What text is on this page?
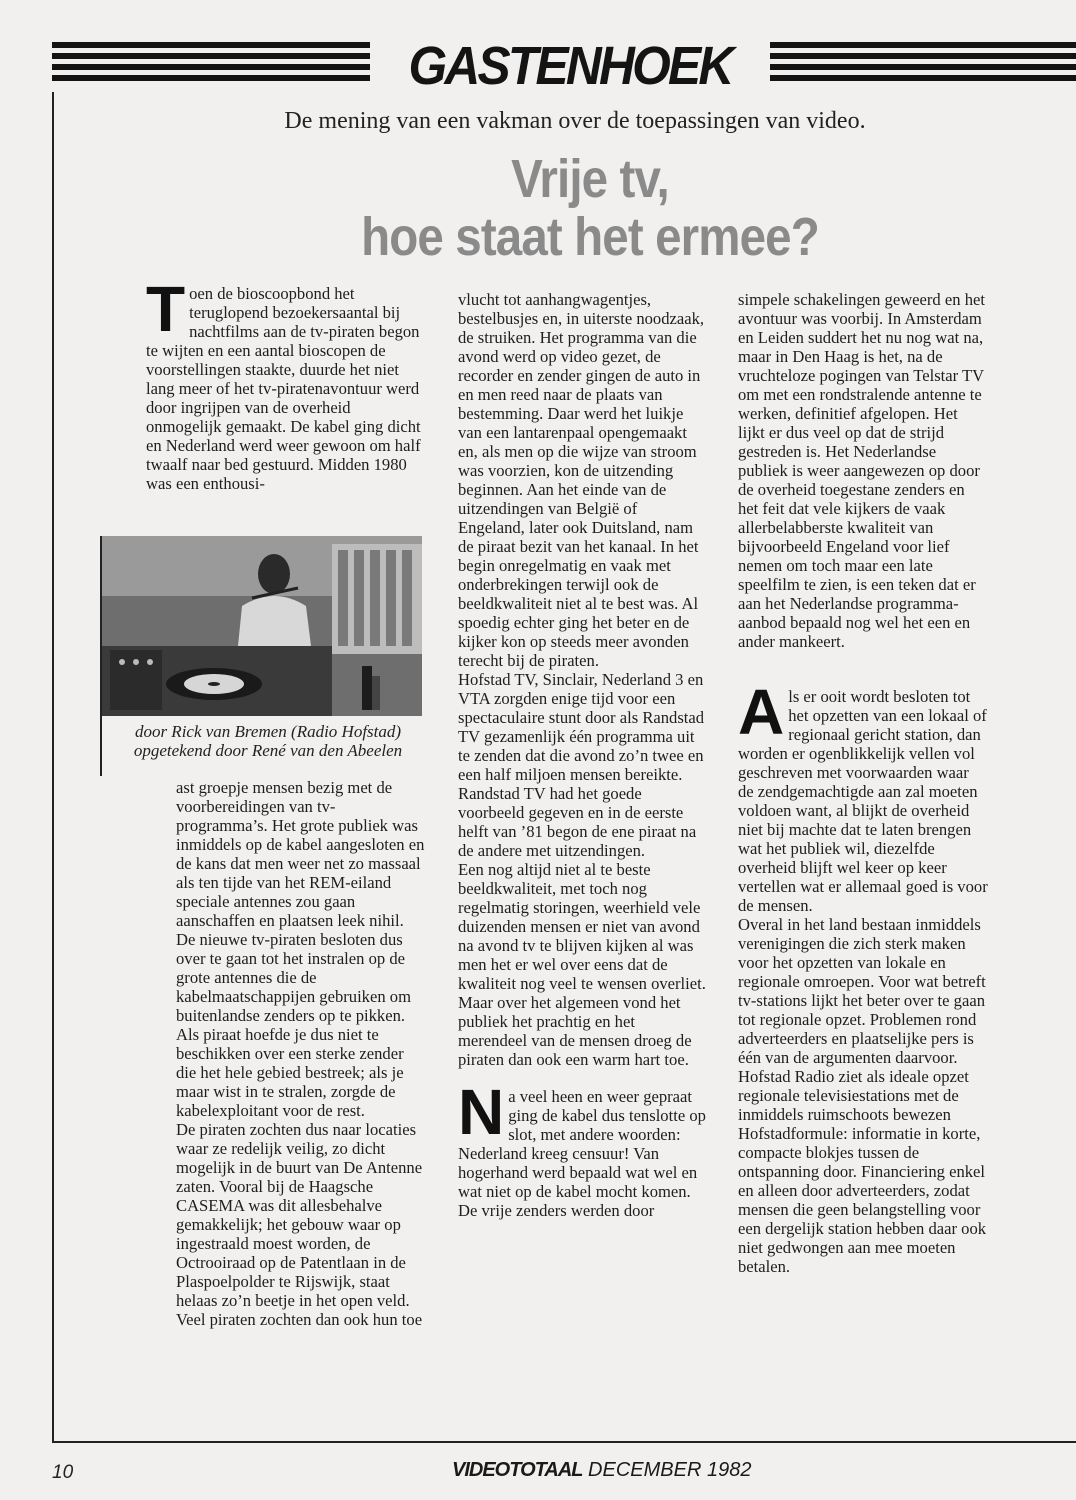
GASTENHOEK
De mening van een vakman over de toepassingen van video.
Vrije tv,
hoe staat het ermee?
T oen de bioscoopbond het teruglopend bezoekersaantal bij nachtfilms aan de tv-piraten begon te wijten en een aantal bioscopen de voorstellingen staakte, duurde het niet lang meer of het tv-piratenavontuur werd door ingrijpen van de overheid onmogelijk gemaakt. De kabel ging dicht en Nederland werd weer gewoon om half twaalf naar bed gestuurd. Midden 1980 was een enthousi-

door Rick van Bremen (Radio Hofstad)
opgetekend door René van den Abeelen

ast groepje mensen bezig met de voorbereidingen van tv-programma’s. Het grote publiek was inmiddels op de kabel aangesloten en de kans dat men weer net zo massaal als ten tijde van het REM-eiland speciale antennes zou gaan aanschaffen en plaatsen leek nihil.

De nieuwe tv-piraten besloten dus over te gaan tot het instralen op de grote antennes die de kabelmaatschappijen gebruiken om buitenlandse zenders op te pikken.

Als piraat hoefde je dus niet te beschikken over een sterke zender die het hele gebied bestreek; als je maar wist in te stralen, zorgde de kabelexploitant voor de rest.

De piraten zochten dus naar locaties waar ze redelijk veilig, zo dicht mogelijk in de buurt van De Antenne zaten. Vooral bij de Haagsche CASEMA was dit allesbehalve gemakkelijk; het gebouw waar op ingestraald moest worden, de Octrooiraad op de Patentlaan in de Plaspoelpolder te Rijswijk, staat helaas zo’n beetje in het open veld. Veel piraten zochten dan ook hun toe

vlucht tot aanhangwagentjes, bestelbusjes en, in uiterste noodzaak, de struiken. Het programma van die avond werd op video gezet, de recorder en zender gingen de auto in en men reed naar de plaats van bestemming. Daar werd het luikje van een lantarenpaal opengemaakt en, als men op die wijze van stroom was voorzien, kon de uitzending beginnen. Aan het einde van de uitzendingen van België of Engeland, later ook Duitsland, nam de piraat bezit van het kanaal. In het begin onregelmatig en vaak met onderbrekingen terwijl ook de beeldkwaliteit niet al te best was. Al spoedig echter ging het beter en de kijker kon op steeds meer avonden terecht bij de piraten.

Hofstad TV, Sinclair, Nederland 3 en VTA zorgden enige tijd voor een spectaculaire stunt door als Randstad TV gezamenlijk één programma uit te zenden dat die avond zo’n twee en een half miljoen mensen bereikte.

Randstad TV had het goede voorbeeld gegeven en in de eerste helft van ’81 begon de ene piraat na de andere met uitzendingen.

Een nog altijd niet al te beste beeldkwaliteit, met toch nog regelmatig storingen, weerhield vele duizenden mensen er niet van avond na avond tv te blijven kijken al was men het er wel over eens dat de kwaliteit nog veel te wensen overliet. Maar over het algemeen vond het publiek het prachtig en het merendeel van de mensen droeg de piraten dan ook een warm hart toe.

N a veel heen en weer gepraat ging de kabel dus tenslotte op slot, met andere woorden: Nederland kreeg censuur! Van hogerhand werd bepaald wat wel en wat niet op de kabel mocht komen. De vrije zenders werden door

simpele schakelingen geweerd en het avontuur was voorbij. In Amsterdam en Leiden suddert het nu nog wat na, maar in Den Haag is het, na de vruchteloze pogingen van Telstar TV om met een rondstralende antenne te werken, definitief afgelopen. Het lijkt er dus veel op dat de strijd gestreden is. Het Nederlandse publiek is weer aangewezen op door de overheid toegestane zenders en het feit dat vele kijkers de vaak allerbelabberste kwaliteit van bijvoorbeeld Engeland voor lief nemen om toch maar een late speelfilm te zien, is een teken dat er aan het Nederlandse programma-aanbod bepaald nog wel het een en ander mankeert.

A ls er ooit wordt besloten tot het opzetten van een lokaal of regionaal gericht station, dan worden er ogenblikkelijk vellen vol geschreven met voorwaarden waar de zendgemachtigde aan zal moeten voldoen want, al blijkt de overheid niet bij machte dat te laten brengen wat het publiek wil, diezelfde overheid blijft wel keer op keer vertellen wat er allemaal goed is voor de mensen.

Overal in het land bestaan inmiddels verenigingen die zich sterk maken voor het opzetten van lokale en regionale omroepen. Voor wat betreft tv-stations lijkt het beter over te gaan tot regionale opzet. Problemen rond adverteerders en plaatselijke pers is één van de argumenten daarvoor.

Hofstad Radio ziet als ideale opzet regionale televisiestations met de inmiddels ruimschoots bewezen Hofstadformule: informatie in korte, compacte blokjes tussen de ontspanning door. Financiering enkel en alleen door adverteerders, zodat mensen die geen belangstelling voor een dergelijk station hebben daar ook niet gedwongen aan mee moeten betalen.

10	VIDEOTOTAAL DECEMBER 1982
